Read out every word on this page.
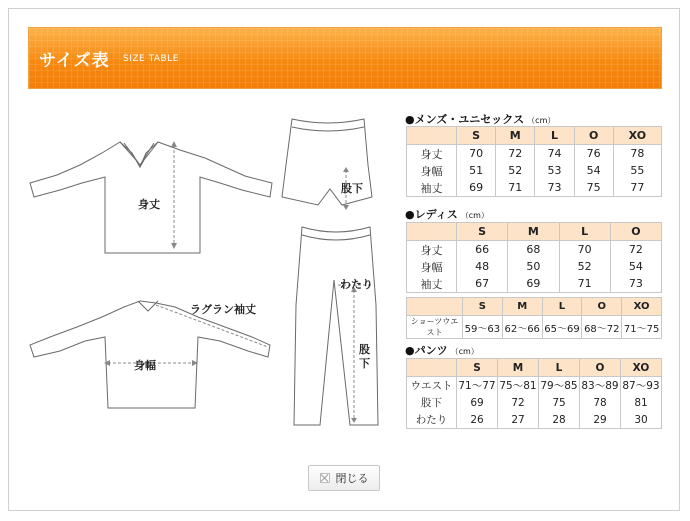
サイズ表 SIZE TABLE
身丈
身幅
ラグラン袖丈
股下
わたり
股
下
●メンズ・ユニセックス （cm）
	S	M	L	O	XO
身丈	70	72	74	76	78
身幅	51	52	53	54	55
袖丈	69	71	73	75	77
●レディス （cm）
	S	M	L	O
身丈	66	68	70	72
身幅	48	50	52	54
袖丈	67	69	71	73
	S	M	L	O	XO
ショーツウエスト	59〜63	62〜66	65〜69	68〜72	71〜75
●パンツ （cm）
	S	M	L	O	XO
ウエスト	71〜77	75〜81	79〜85	83〜89	87〜93
股下	69	72	75	78	81
わたり	26	27	28	29	30
閉じる
